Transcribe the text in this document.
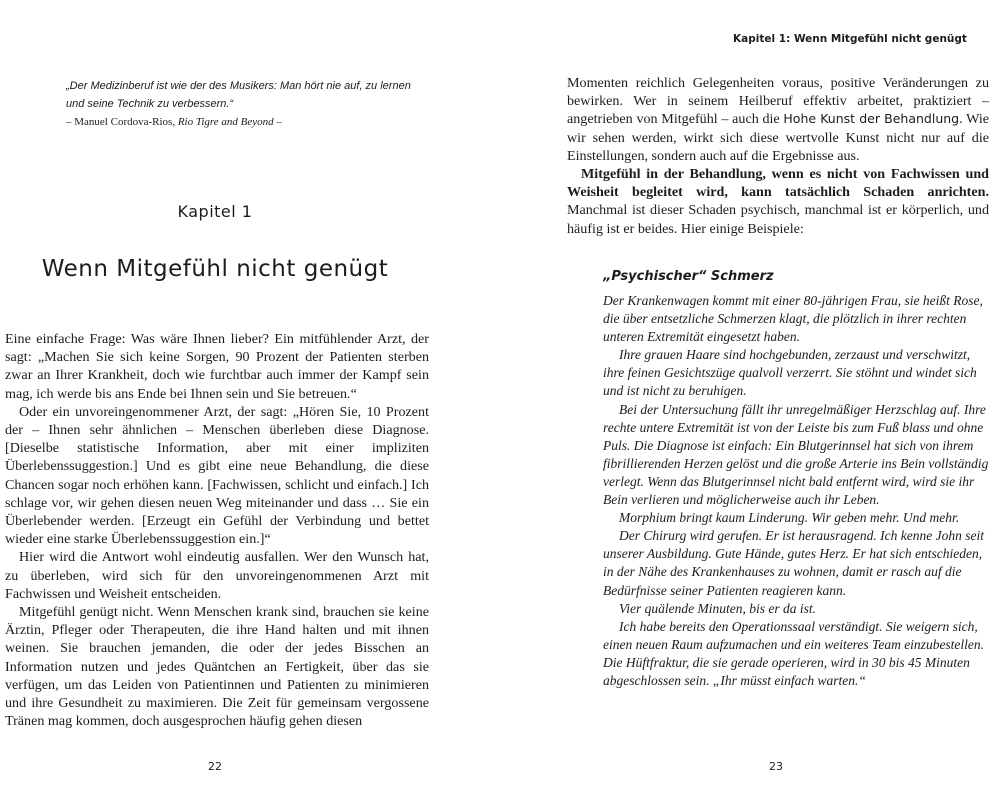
„Der Medizinberuf ist wie der des Musikers: Man hört nie auf, zu lernen und seine Technik zu verbessern.“
– Manuel Cordova-Rios, Rio Tigre and Beyond –
Kapitel 1
Wenn Mitgefühl nicht genügt

Eine einfache Frage: Was wäre Ihnen lieber? Ein mitfühlender Arzt, der sagt: „Machen Sie sich keine Sorgen, 90 Prozent der Patienten sterben zwar an Ihrer Krankheit, doch wie furchtbar auch immer der Kampf sein mag, ich werde bis ans Ende bei Ihnen sein und Sie betreuen.“

Oder ein unvoreingenommener Arzt, der sagt: „Hören Sie, 10 Prozent der – Ihnen sehr ähnlichen – Menschen überleben diese Diagnose. [Dieselbe statistische Information, aber mit einer impliziten Überlebenssuggestion.] Und es gibt eine neue Behandlung, die diese Chancen sogar noch erhöhen kann. [Fachwissen, schlicht und einfach.] Ich schlage vor, wir gehen diesen neuen Weg miteinander und dass … Sie ein Überlebender werden. [Erzeugt ein Gefühl der Verbindung und bettet wieder eine starke Überlebenssuggestion ein.]“

Hier wird die Antwort wohl eindeutig ausfallen. Wer den Wunsch hat, zu überleben, wird sich für den unvoreingenommenen Arzt mit Fachwissen und Weisheit entscheiden.

Mitgefühl genügt nicht. Wenn Menschen krank sind, brauchen sie keine Ärztin, Pfleger oder Therapeuten, die ihre Hand halten und mit ihnen weinen. Sie brauchen jemanden, die oder der jedes Bisschen an Information nutzen und jedes Quäntchen an Fertigkeit, über das sie verfügen, um das Leiden von Patientinnen und Patienten zu minimieren und ihre Gesundheit zu maximieren. Die Zeit für gemeinsam vergossene Tränen mag kommen, doch ausgesprochen häufig gehen diesen

22
Kapitel 1: Wenn Mitgefühl nicht genügt

Momenten reichlich Gelegenheiten voraus, positive Veränderungen zu bewirken. Wer in seinem Heilberuf effektiv arbeitet, praktiziert – angetrieben von Mitgefühl – auch die Hohe Kunst der Behandlung. Wie wir sehen werden, wirkt sich diese wertvolle Kunst nicht nur auf die Einstellungen, sondern auch auf die Ergebnisse aus.

Mitgefühl in der Behandlung, wenn es nicht von Fachwissen und Weisheit begleitet wird, kann tatsächlich Schaden anrichten. Manchmal ist dieser Schaden psychisch, manchmal ist er körperlich, und häufig ist er beides. Hier einige Beispiele:

„Psychischer“ Schmerz

Der Krankenwagen kommt mit einer 80-jährigen Frau, sie heißt Rose, die über entsetzliche Schmerzen klagt, die plötzlich in ihrer rechten unteren Extremität eingesetzt haben.

Ihre grauen Haare sind hochgebunden, zerzaust und verschwitzt, ihre feinen Gesichtszüge qualvoll verzerrt. Sie stöhnt und windet sich und ist nicht zu beruhigen.

Bei der Untersuchung fällt ihr unregelmäßiger Herzschlag auf. Ihre rechte untere Extremität ist von der Leiste bis zum Fuß blass und ohne Puls. Die Diagnose ist einfach: Ein Blutgerinnsel hat sich von ihrem fibrillierenden Herzen gelöst und die große Arterie ins Bein vollständig verlegt. Wenn das Blutgerinnsel nicht bald entfernt wird, wird sie ihr Bein verlieren und möglicherweise auch ihr Leben.

Morphium bringt kaum Linderung. Wir geben mehr. Und mehr.

Der Chirurg wird gerufen. Er ist herausragend. Ich kenne John seit unserer Ausbildung. Gute Hände, gutes Herz. Er hat sich entschieden, in der Nähe des Krankenhauses zu wohnen, damit er rasch auf die Bedürfnisse seiner Patienten reagieren kann.

Vier quälende Minuten, bis er da ist.

Ich habe bereits den Operationssaal verständigt. Sie weigern sich, einen neuen Raum aufzumachen und ein weiteres Team einzubestellen. Die Hüftfraktur, die sie gerade operieren, wird in 30 bis 45 Minuten abgeschlossen sein. „Ihr müsst einfach warten.“

23
